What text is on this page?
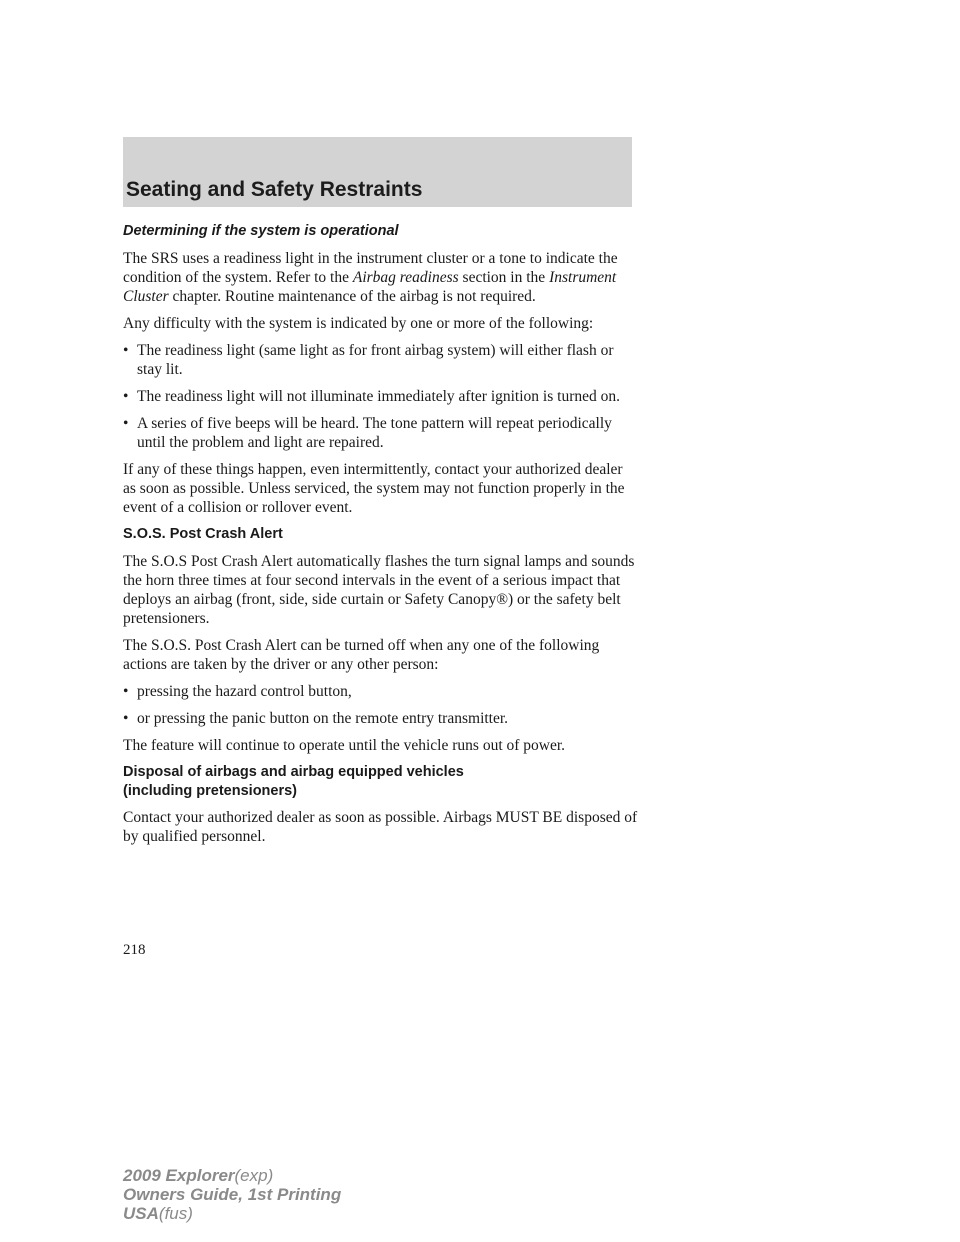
Seating and Safety Restraints

Determining if the system is operational

The SRS uses a readiness light in the instrument cluster or a tone to indicate the condition of the system. Refer to the Airbag readiness section in the Instrument Cluster chapter. Routine maintenance of the airbag is not required.

Any difficulty with the system is indicated by one or more of the following:

• The readiness light (same light as for front airbag system) will either flash or stay lit.
• The readiness light will not illuminate immediately after ignition is turned on.
• A series of five beeps will be heard. The tone pattern will repeat periodically until the problem and light are repaired.

If any of these things happen, even intermittently, contact your authorized dealer as soon as possible. Unless serviced, the system may not function properly in the event of a collision or rollover event.

S.O.S. Post Crash Alert

The S.O.S Post Crash Alert automatically flashes the turn signal lamps and sounds the horn three times at four second intervals in the event of a serious impact that deploys an airbag (front, side, side curtain or Safety Canopy®) or the safety belt pretensioners.

The S.O.S. Post Crash Alert can be turned off when any one of the following actions are taken by the driver or any other person:

• pressing the hazard control button,
• or pressing the panic button on the remote entry transmitter.

The feature will continue to operate until the vehicle runs out of power.

Disposal of airbags and airbag equipped vehicles
(including pretensioners)

Contact your authorized dealer as soon as possible. Airbags MUST BE disposed of by qualified personnel.

218
2009 Explorer(exp)
Owners Guide, 1st Printing
USA(fus)
